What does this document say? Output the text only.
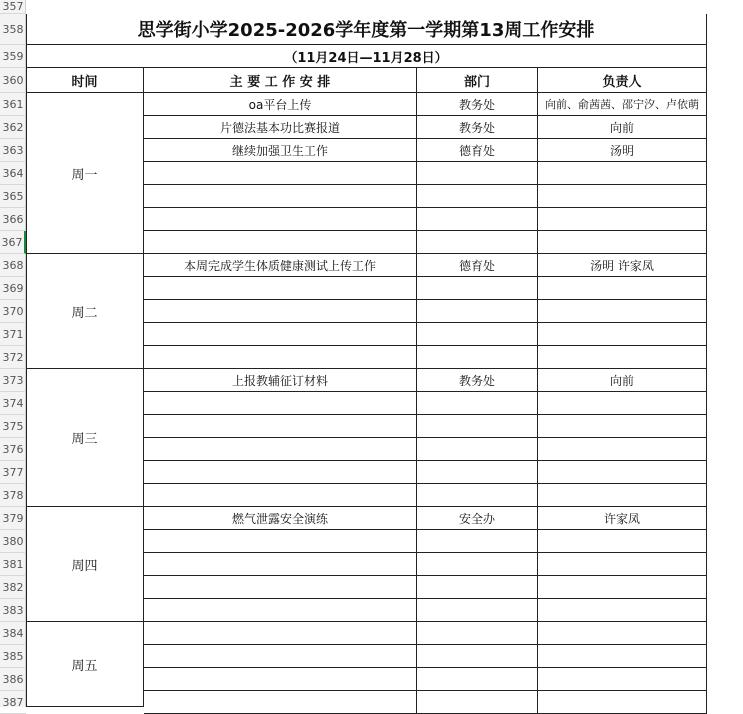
357
358
359
360
361
362
363
364
365
366
367
368
369
370
371
372
373
374
375
376
377
378
379
380
381
382
383
384
385
386
387
思学街小学2025-2026学年度第一学期第13周工作安排
（11月24日—11月28日）
时间	主 要 工 作 安 排	部门	负责人
周一
oa平台上传	教务处	向前、俞茜茜、邵宁汐、卢依萌
片德法基本功比赛报道	教务处	向前
继续加强卫生工作	德育处	汤明
周二
本周完成学生体质健康测试上传工作	德育处	汤明 许家凤
周三
上报教辅征订材料	教务处	向前
周四
燃气泄露安全演练	安全办	许家凤
周五
